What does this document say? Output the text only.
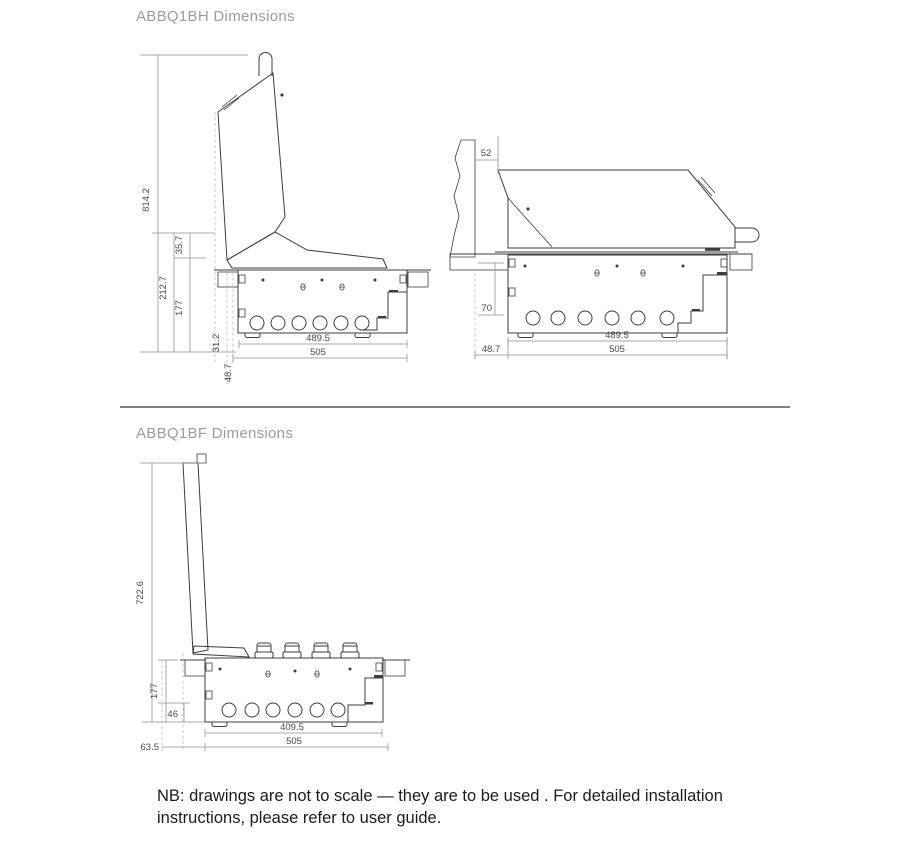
ABBQ1BH Dimensions
814.2
212.7
35.7
177
31.2
48.7
489.5
505
52
70
489.5
48.7	505
ABBQ1BF Dimensions
722.6
177
46
409.5
63.5
505
NB: drawings are not to scale — they are to be used . For detailed installation
instructions, please refer to user guide.
